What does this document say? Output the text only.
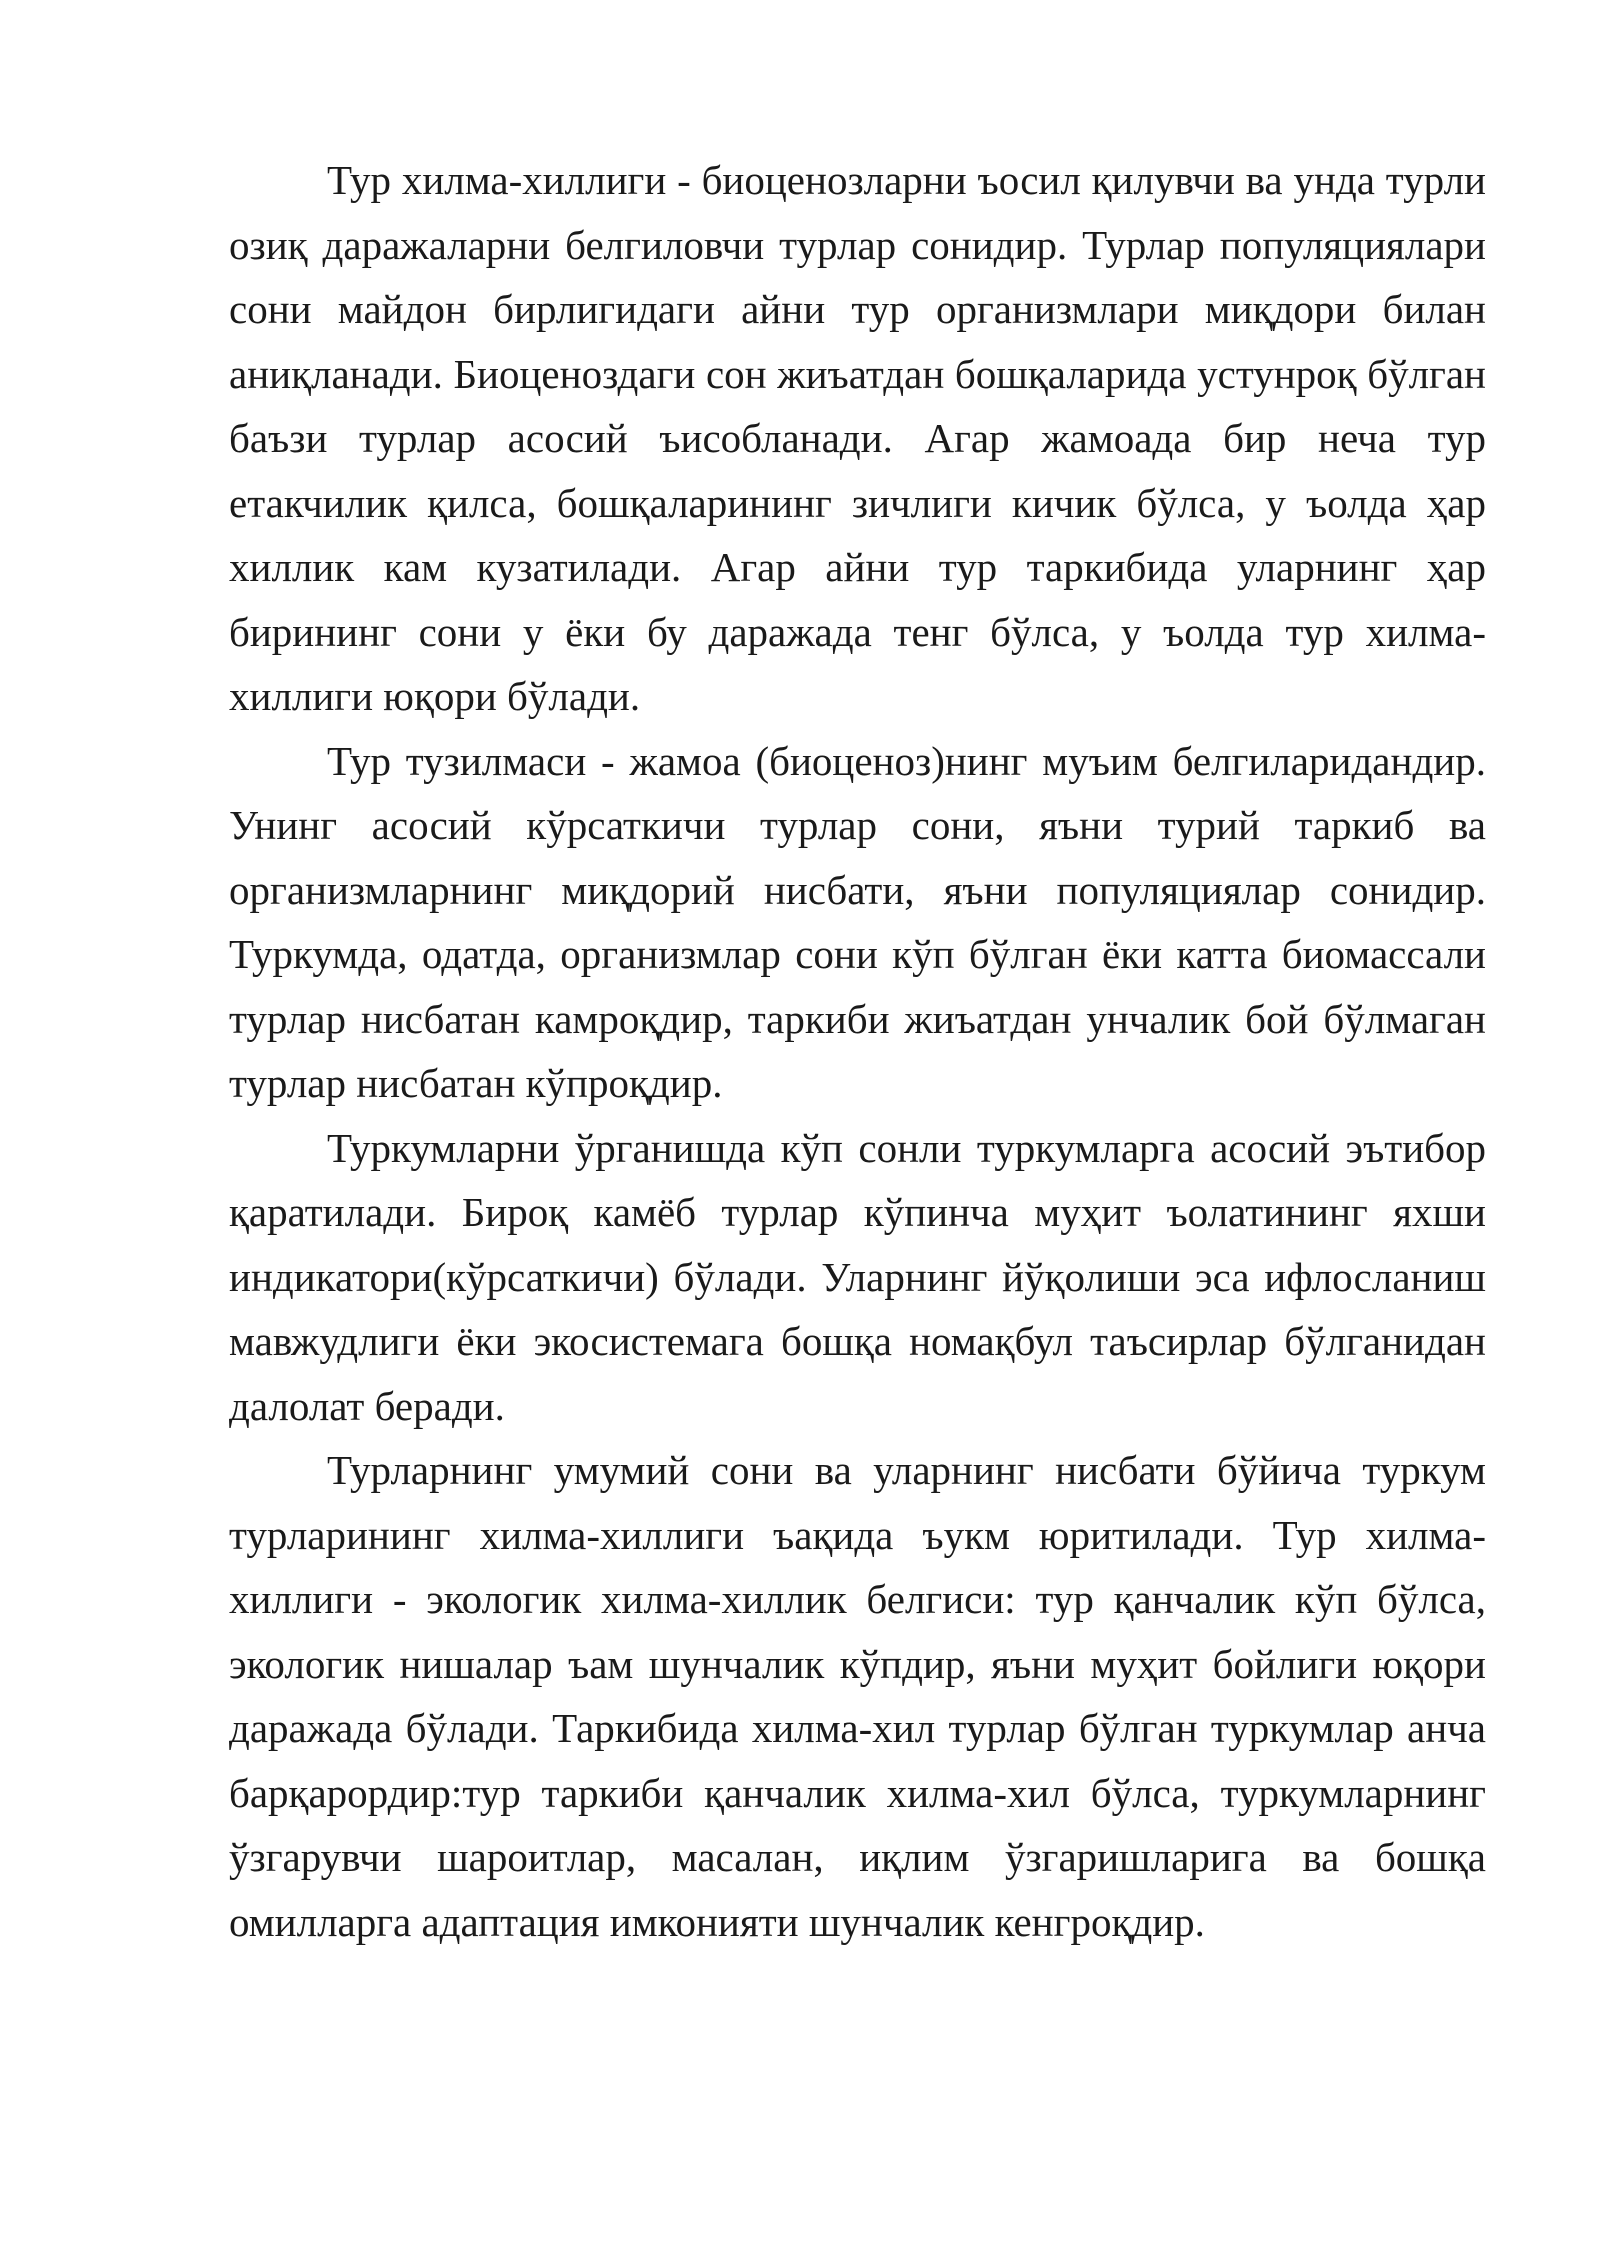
Тур хилма-хиллиги - биоценозларни ъосил қилувчи ва унда турли озиқ даражаларни белгиловчи турлар сонидир. Турлар популяциялари сони майдон бирлигидаги айни тур организмлари миқдори билан аниқланади. Биоценоздаги сон жиъатдан бошқаларида устунроқ бўлган баъзи турлар асосий ъисобланади. Агар жамоада бир неча тур етакчилик қилса, бошқаларининг зичлиги кичик бўлса, у ъолда ҳар хиллик кам кузатилади. Агар айни тур таркибида уларнинг ҳар бирининг сони у ёки бу даражада тенг бўлса, у ъолда тур хилма-хиллиги юқори бўлади.

Тур тузилмаси - жамоа (биоценоз)нинг муъим белгиларидандир. Унинг асосий кўрсаткичи турлар сони, яъни турий таркиб ва организмларнинг миқдорий нисбати, яъни популяциялар сонидир. Туркумда, одатда, организмлар сони кўп бўлган ёки катта биомассали турлар нисбатан камроқдир, таркиби жиъатдан унчалик бой бўлмаган турлар нисбатан кўпроқдир.

Туркумларни ўрганишда кўп сонли туркумларга асосий эътибор қаратилади. Бироқ камёб турлар кўпинча муҳит ъолатининг яхши индикатори(кўрсаткичи) бўлади. Уларнинг йўқолиши эса ифлосланиш мавжудлиги ёки экосистемага бошқа номақбул таъсирлар бўлганидан далолат беради.

Турларнинг умумий сони ва уларнинг нисбати бўйича туркум турларининг хилма-хиллиги ъақида ъукм юритилади. Тур хилма-хиллиги - экологик хилма-хиллик белгиси: тур қанчалик кўп бўлса, экологик нишалар ъам шунчалик кўпдир, яъни муҳит бойлиги юқори даражада бўлади. Таркибида хилма-хил турлар бўлган туркумлар анча барқарордир:тур таркиби қанчалик хилма-хил бўлса, туркумларнинг ўзгарувчи шароитлар, масалан, иқлим ўзгаришларига ва бошқа омилларга адаптация имконияти шунчалик кенгроқдир.
